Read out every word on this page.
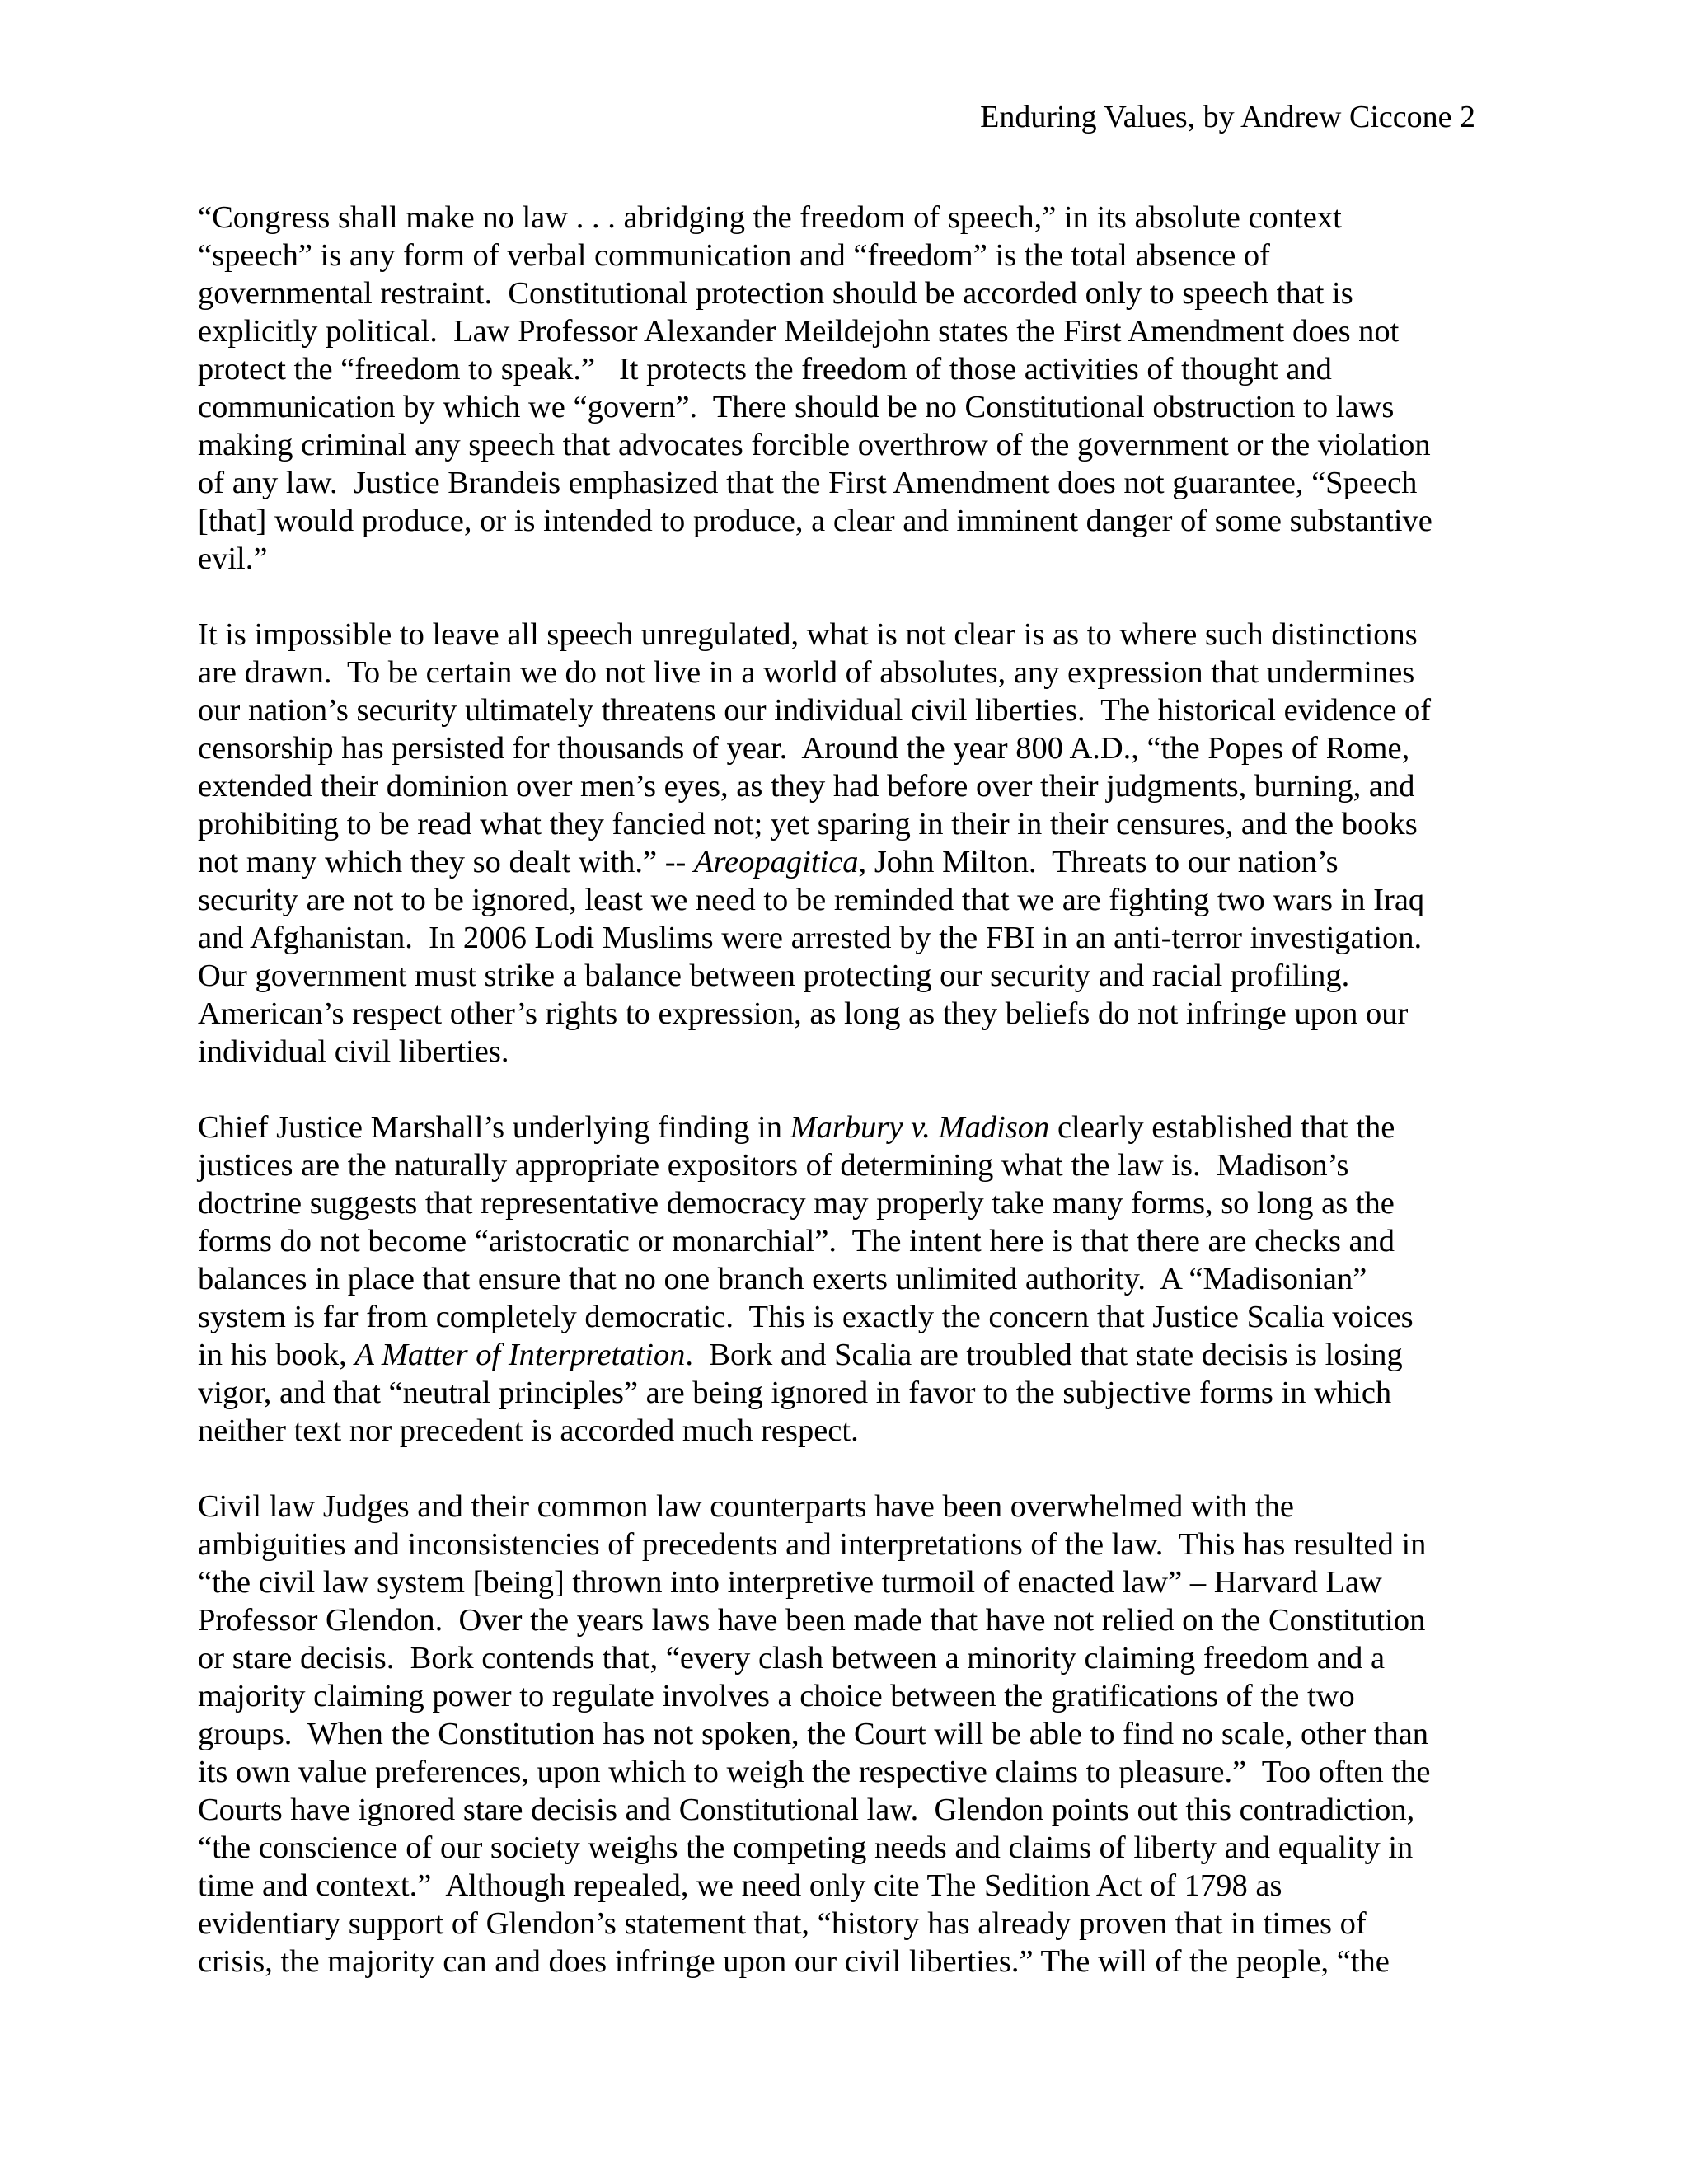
Enduring Values, by Andrew Ciccone 2
“Congress shall make no law . . . abridging the freedom of speech,” in its absolute context
“speech” is any form of verbal communication and “freedom” is the total absence of
governmental restraint.  Constitutional protection should be accorded only to speech that is
explicitly political.  Law Professor Alexander Meildejohn states the First Amendment does not
protect the “freedom to speak.”   It protects the freedom of those activities of thought and
communication by which we “govern”.  There should be no Constitutional obstruction to laws
making criminal any speech that advocates forcible overthrow of the government or the violation
of any law.  Justice Brandeis emphasized that the First Amendment does not guarantee, “Speech
[that] would produce, or is intended to produce, a clear and imminent danger of some substantive
evil.”
It is impossible to leave all speech unregulated, what is not clear is as to where such distinctions
are drawn.  To be certain we do not live in a world of absolutes, any expression that undermines
our nation’s security ultimately threatens our individual civil liberties.  The historical evidence of
censorship has persisted for thousands of year.  Around the year 800 A.D., “the Popes of Rome,
extended their dominion over men’s eyes, as they had before over their judgments, burning, and
prohibiting to be read what they fancied not; yet sparing in their in their censures, and the books
not many which they so dealt with.” -- Areopagitica, John Milton.  Threats to our nation’s
security are not to be ignored, least we need to be reminded that we are fighting two wars in Iraq
and Afghanistan.  In 2006 Lodi Muslims were arrested by the FBI in an anti-terror investigation.
Our government must strike a balance between protecting our security and racial profiling.
American’s respect other’s rights to expression, as long as they beliefs do not infringe upon our
individual civil liberties.
Chief Justice Marshall’s underlying finding in Marbury v. Madison clearly established that the
justices are the naturally appropriate expositors of determining what the law is.  Madison’s
doctrine suggests that representative democracy may properly take many forms, so long as the
forms do not become “aristocratic or monarchial”.  The intent here is that there are checks and
balances in place that ensure that no one branch exerts unlimited authority.  A “Madisonian”
system is far from completely democratic.  This is exactly the concern that Justice Scalia voices
in his book, A Matter of Interpretation.  Bork and Scalia are troubled that state decisis is losing
vigor, and that “neutral principles” are being ignored in favor to the subjective forms in which
neither text nor precedent is accorded much respect.
Civil law Judges and their common law counterparts have been overwhelmed with the
ambiguities and inconsistencies of precedents and interpretations of the law.  This has resulted in
“the civil law system [being] thrown into interpretive turmoil of enacted law” – Harvard Law
Professor Glendon.  Over the years laws have been made that have not relied on the Constitution
or stare decisis.  Bork contends that, “every clash between a minority claiming freedom and a
majority claiming power to regulate involves a choice between the gratifications of the two
groups.  When the Constitution has not spoken, the Court will be able to find no scale, other than
its own value preferences, upon which to weigh the respective claims to pleasure.”  Too often the
Courts have ignored stare decisis and Constitutional law.  Glendon points out this contradiction,
“the conscience of our society weighs the competing needs and claims of liberty and equality in
time and context.”  Although repealed, we need only cite The Sedition Act of 1798 as
evidentiary support of Glendon’s statement that, “history has already proven that in times of
crisis, the majority can and does infringe upon our civil liberties.” The will of the people, “the
